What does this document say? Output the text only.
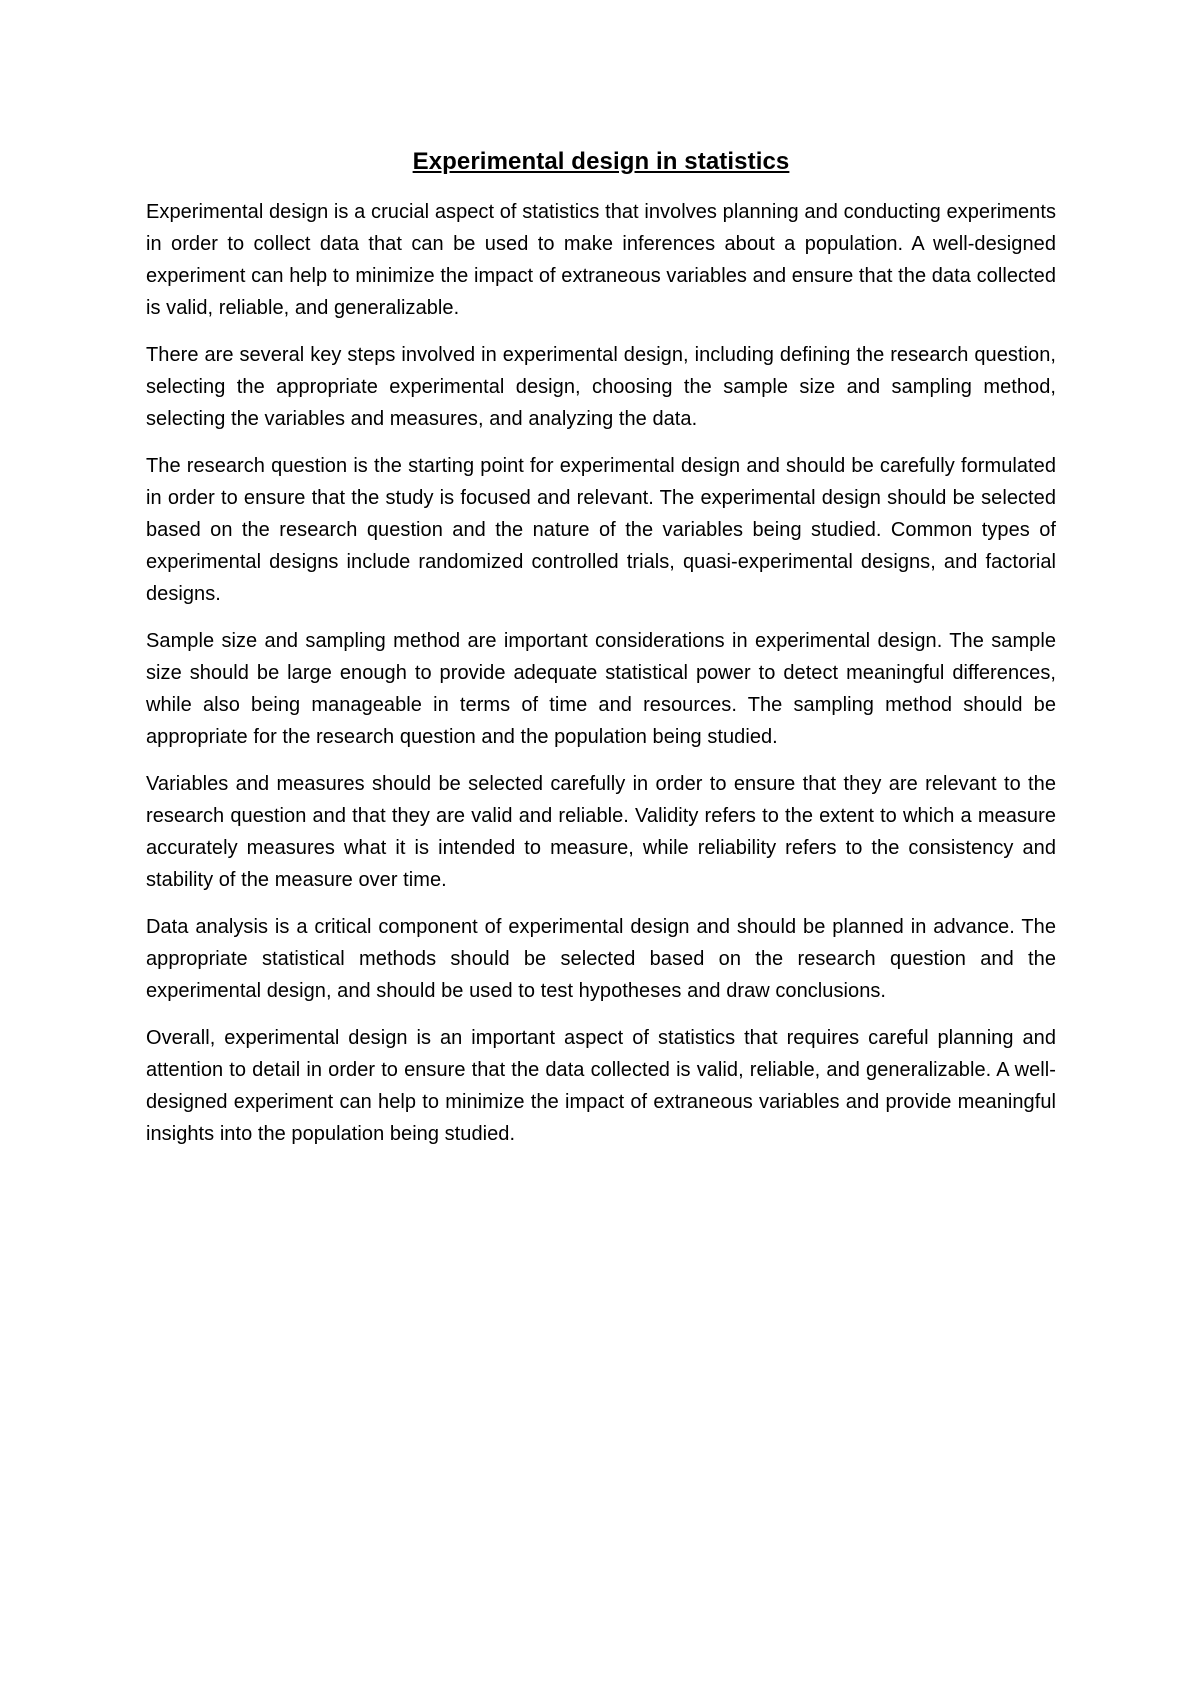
Experimental design in statistics

Experimental design is a crucial aspect of statistics that involves planning and conducting experiments in order to collect data that can be used to make inferences about a population. A well-designed experiment can help to minimize the impact of extraneous variables and ensure that the data collected is valid, reliable, and generalizable.

There are several key steps involved in experimental design, including defining the research question, selecting the appropriate experimental design, choosing the sample size and sampling method, selecting the variables and measures, and analyzing the data.

The research question is the starting point for experimental design and should be carefully formulated in order to ensure that the study is focused and relevant. The experimental design should be selected based on the research question and the nature of the variables being studied. Common types of experimental designs include randomized controlled trials, quasi-experimental designs, and factorial designs.

Sample size and sampling method are important considerations in experimental design. The sample size should be large enough to provide adequate statistical power to detect meaningful differences, while also being manageable in terms of time and resources. The sampling method should be appropriate for the research question and the population being studied.

Variables and measures should be selected carefully in order to ensure that they are relevant to the research question and that they are valid and reliable. Validity refers to the extent to which a measure accurately measures what it is intended to measure, while reliability refers to the consistency and stability of the measure over time.

Data analysis is a critical component of experimental design and should be planned in advance. The appropriate statistical methods should be selected based on the research question and the experimental design, and should be used to test hypotheses and draw conclusions.

Overall, experimental design is an important aspect of statistics that requires careful planning and attention to detail in order to ensure that the data collected is valid, reliable, and generalizable. A well-designed experiment can help to minimize the impact of extraneous variables and provide meaningful insights into the population being studied.
